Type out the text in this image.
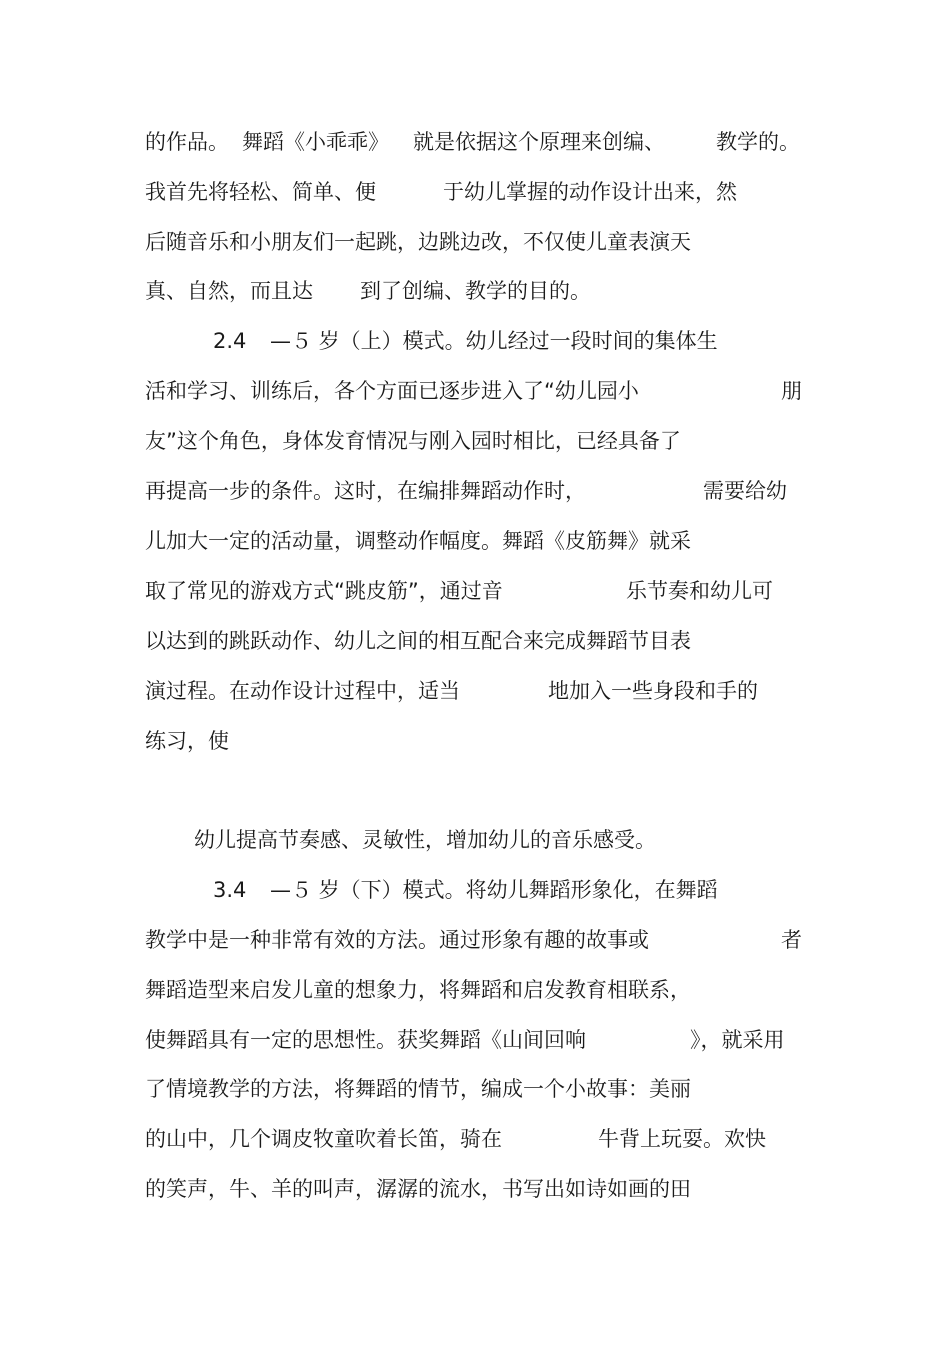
的作品。 舞蹈《小乖乖》 就是依据这个原理来创编、 教学的。
我首先将轻松、简单、便	于幼儿掌握的动作设计出来，然
后随音乐和小朋友们一起跳，边跳边改，不仅使儿童表演天
真、自然，而且达 到了创编、教学的目的。
2.4 —５ 岁（上）模式。幼儿经过一段时间的集体生
活和学习、训练后，各个方面已逐步进入了“幼儿园小	朋
友”这个角色，身体发育情况与刚入园时相比，已经具备了
再提高一步的条件。这时，在编排舞蹈动作时，	需要给幼
儿加大一定的活动量，调整动作幅度。舞蹈《皮筋舞》就采
取了常见的游戏方式“跳皮筋”，通过音	乐节奏和幼儿可
以达到的跳跃动作、幼儿之间的相互配合来完成舞蹈节目表
演过程。在动作设计过程中，适当	地加入一些身段和手的
练习，使
幼儿提高节奏感、灵敏性，增加幼儿的音乐感受。
3.4 —５ 岁（下）模式。将幼儿舞蹈形象化，在舞蹈
教学中是一种非常有效的方法。通过形象有趣的故事或	者
舞蹈造型来启发儿童的想象力，将舞蹈和启发教育相联系，
使舞蹈具有一定的思想性。获奖舞蹈《山间回响	》，就采用
了情境教学的方法，将舞蹈的情节，编成一个小故事：美丽
的山中，几个调皮牧童吹着长笛，骑在	牛背上玩耍。欢快
的笑声，牛、羊的叫声，潺潺的流水，书写出如诗如画的田
